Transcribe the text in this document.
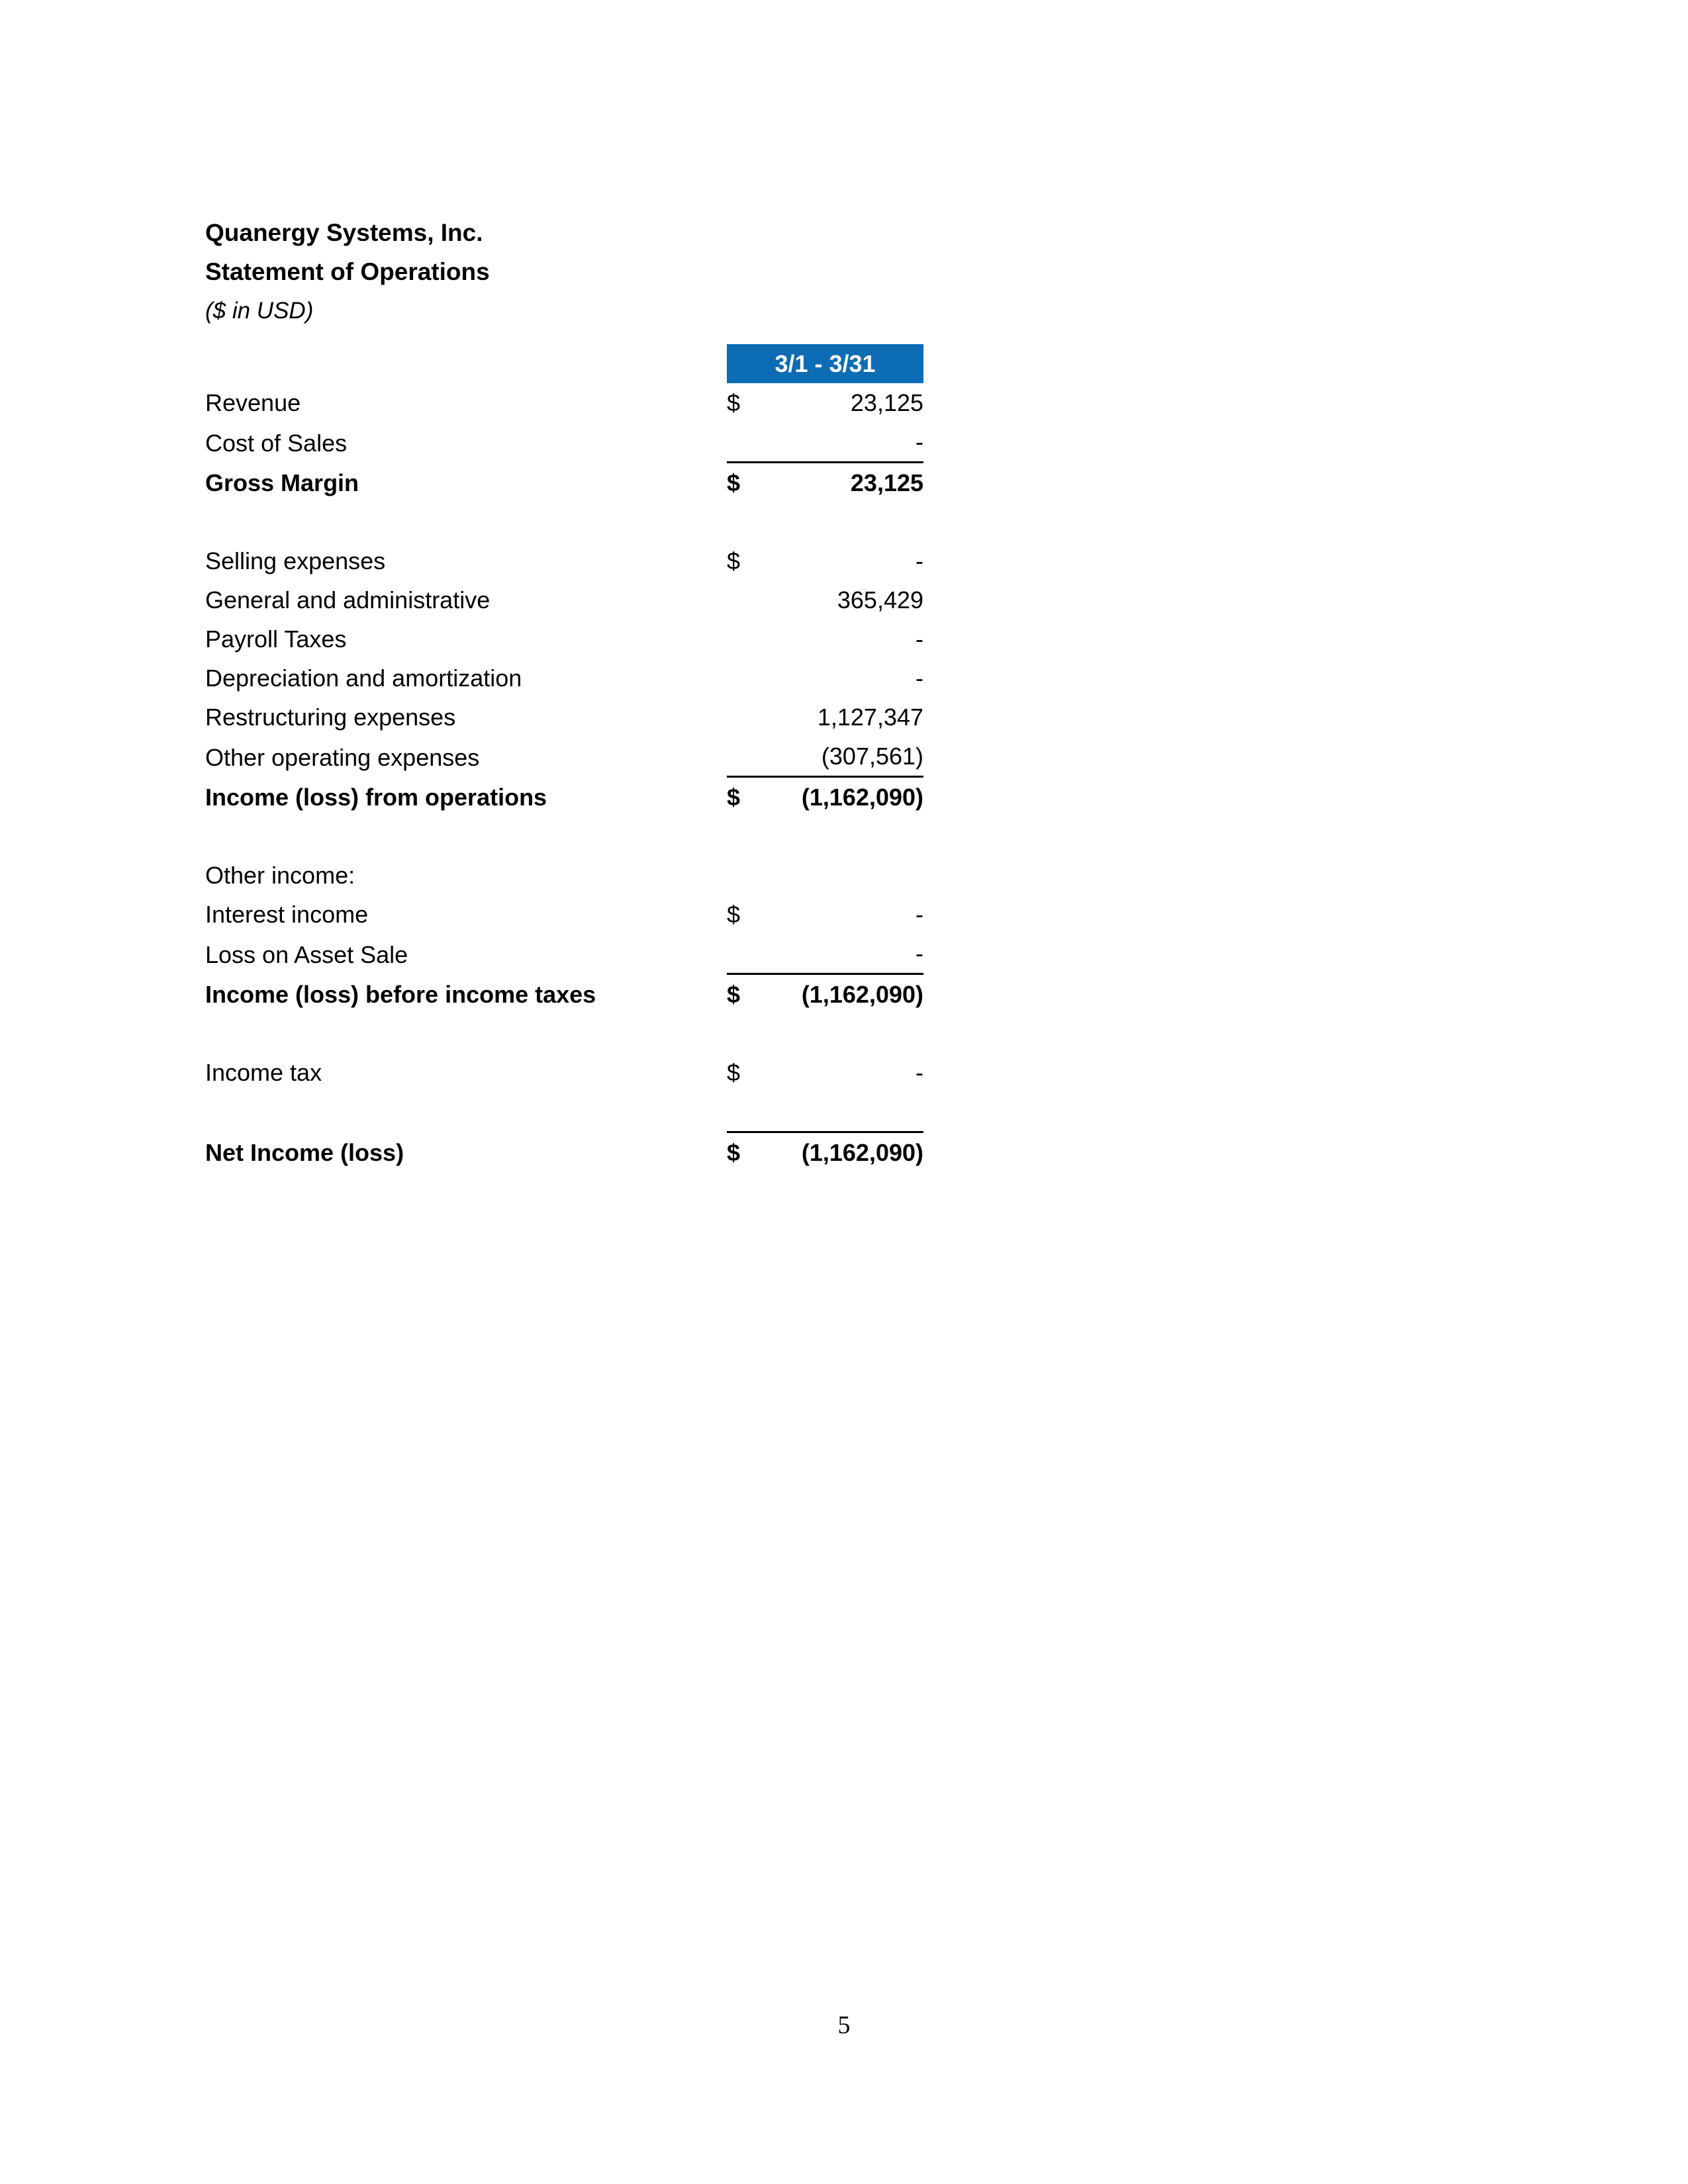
Quanergy Systems, Inc.
Statement of Operations
($ in USD)
	3/1 - 3/31	
Revenue	$	23,125
Cost of Sales		-
Gross Margin	$	23,125

Selling expenses	$	-
General and administrative		365,429
Payroll Taxes		-
Depreciation and amortization		-
Restructuring expenses		1,127,347
Other operating expenses		(307,561)
Income (loss) from operations	$	(1,162,090)

Other income:		
Interest income	$	-
Loss on Asset Sale		-
Income (loss) before income taxes	$	(1,162,090)

Income tax	$	-

Net Income (loss)	$	(1,162,090)
5
